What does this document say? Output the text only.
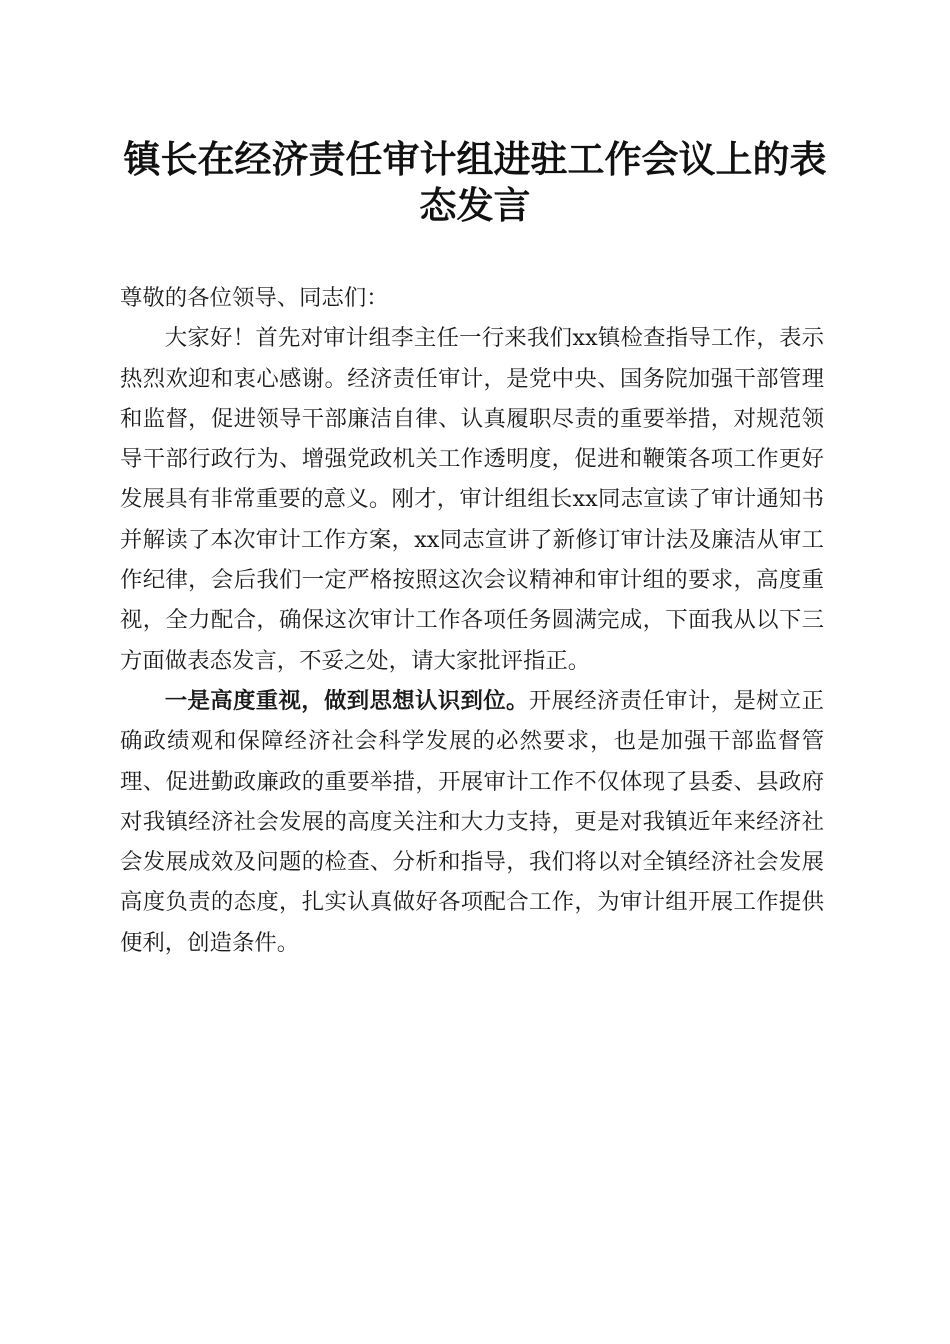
镇长在经济责任审计组进驻工作会议上的表态发言

尊敬的各位领导、同志们：

大家好！首先对审计组李主任一行来我们xx镇检查指导工作，表示热烈欢迎和衷心感谢。经济责任审计，是党中央、国务院加强干部管理和监督，促进领导干部廉洁自律、认真履职尽责的重要举措，对规范领导干部行政行为、增强党政机关工作透明度，促进和鞭策各项工作更好发展具有非常重要的意义。刚才，审计组组长xx同志宣读了审计通知书并解读了本次审计工作方案，xx同志宣讲了新修订审计法及廉洁从审工作纪律，会后我们一定严格按照这次会议精神和审计组的要求，高度重视，全力配合，确保这次审计工作各项任务圆满完成，下面我从以下三方面做表态发言，不妥之处，请大家批评指正。

一是高度重视，做到思想认识到位。开展经济责任审计，是树立正确政绩观和保障经济社会科学发展的必然要求，也是加强干部监督管理、促进勤政廉政的重要举措，开展审计工作不仅体现了县委、县政府对我镇经济社会发展的高度关注和大力支持，更是对我镇近年来经济社会发展成效及问题的检查、分析和指导，我们将以对全镇经济社会发展高度负责的态度，扎实认真做好各项配合工作，为审计组开展工作提供便利，创造条件。
